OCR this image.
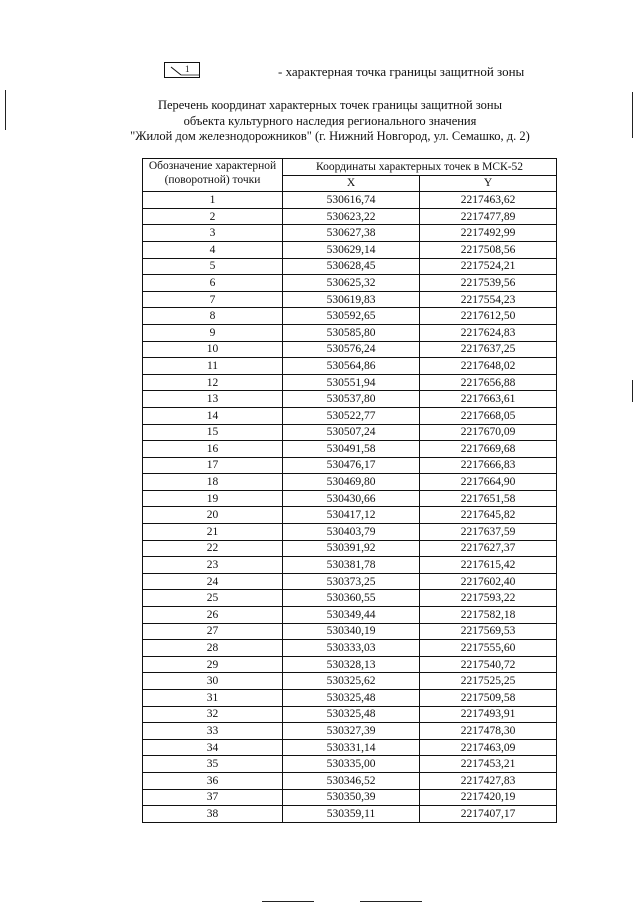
1	- характерная точка границы защитной зоны
Перечень координат характерных точек границы защитной зоны
объекта культурного наследия регионального значения
"Жилой дом железнодорожников" (г. Нижний Новгород, ул. Семашко, д. 2)
Обозначение характерной (поворотной) точки	Координаты характерных точек в МСК-52	
	X	Y
1	530616,74	2217463,62
2	530623,22	2217477,89
3	530627,38	2217492,99
4	530629,14	2217508,56
5	530628,45	2217524,21
6	530625,32	2217539,56
7	530619,83	2217554,23
8	530592,65	2217612,50
9	530585,80	2217624,83
10	530576,24	2217637,25
11	530564,86	2217648,02
12	530551,94	2217656,88
13	530537,80	2217663,61
14	530522,77	2217668,05
15	530507,24	2217670,09
16	530491,58	2217669,68
17	530476,17	2217666,83
18	530469,80	2217664,90
19	530430,66	2217651,58
20	530417,12	2217645,82
21	530403,79	2217637,59
22	530391,92	2217627,37
23	530381,78	2217615,42
24	530373,25	2217602,40
25	530360,55	2217593,22
26	530349,44	2217582,18
27	530340,19	2217569,53
28	530333,03	2217555,60
29	530328,13	2217540,72
30	530325,62	2217525,25
31	530325,48	2217509,58
32	530325,48	2217493,91
33	530327,39	2217478,30
34	530331,14	2217463,09
35	530335,00	2217453,21
36	530346,52	2217427,83
37	530350,39	2217420,19
38	530359,11	2217407,17
